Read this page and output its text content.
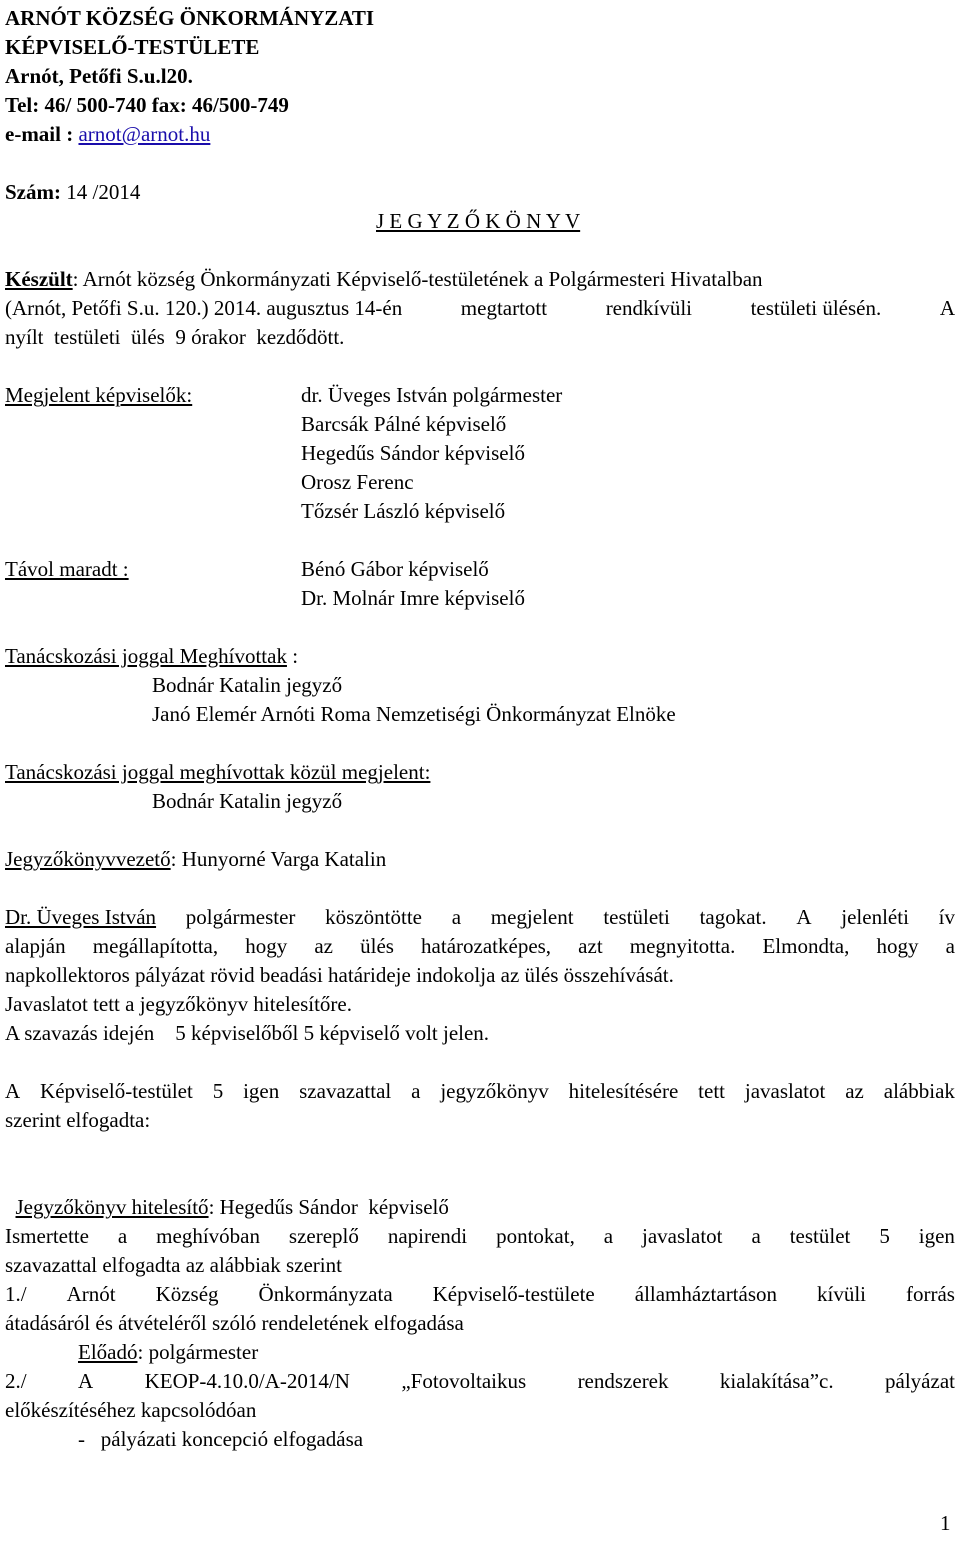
ARNÓT KÖZSÉG ÖNKORMÁNYZATI
KÉPVISELŐ-TESTÜLETE
Arnót, Petőfi S.u.l20.
Tel: 46/ 500-740 fax: 46/500-749
e-mail : arnot@arnot.hu
Szám: 14 /2014
J E G Y Z Ő K Ö N Y V
Készült: Arnót község Önkormányzati Képviselő-testületének a Polgármesteri Hivatalban
(Arnót, Petőfi S.u. 120.) 2014. augusztus 14-én	megtartott	rendkívüli	testületi ülésén.	A
nyílt  testületi  ülés  9 órakor  kezdődött.
Megjelent képviselők:	dr. Üveges István polgármester
Barcsák Pálné képviselő
Hegedűs Sándor képviselő
Orosz Ferenc
Tőzsér László képviselő
Távol maradt :	Bénó Gábor képviselő
Dr. Molnár Imre képviselő
Tanácskozási joggal Meghívottak :
Bodnár Katalin jegyző
Janó Elemér Arnóti Roma Nemzetiségi Önkormányzat Elnöke
Tanácskozási joggal meghívottak közül megjelent:
Bodnár Katalin jegyző
Jegyzőkönyvvezető: Hunyorné Varga Katalin
Dr. Üveges István polgármester köszöntötte a megjelent testületi tagokat. A jelenléti ív
alapján megállapította, hogy az ülés határozatképes, azt megnyitotta. Elmondta, hogy a
napkollektoros pályázat rövid beadási határideje indokolja az ülés összehívását.
Javaslatot tett a jegyzőkönyv hitelesítőre.
A szavazás idején    5 képviselőből 5 képviselő volt jelen.
A Képviselő-testület 5 igen szavazattal a jegyzőkönyv hitelesítésére tett javaslatot az alábbiak
szerint elfogadta:

Jegyzőkönyv hitelesítő: Hegedűs Sándor  képviselő

Ismertette a meghívóban szereplő napirendi pontokat, a javaslatot a testület 5 igen
szavazattal elfogadta az alábbiak szerint
1./ Arnót Község Önkormányzata Képviselő-testülete államháztartáson kívüli forrás
átadásáról és átvételéről szóló rendeletének elfogadása
Előadó: polgármester
2./ A KEOP-4.10.0/A-2014/N „Fotovoltaikus rendszerek kialakítása”c. pályázat
előkészítéséhez kapcsolódóan
-   pályázati koncepció elfogadása
1
